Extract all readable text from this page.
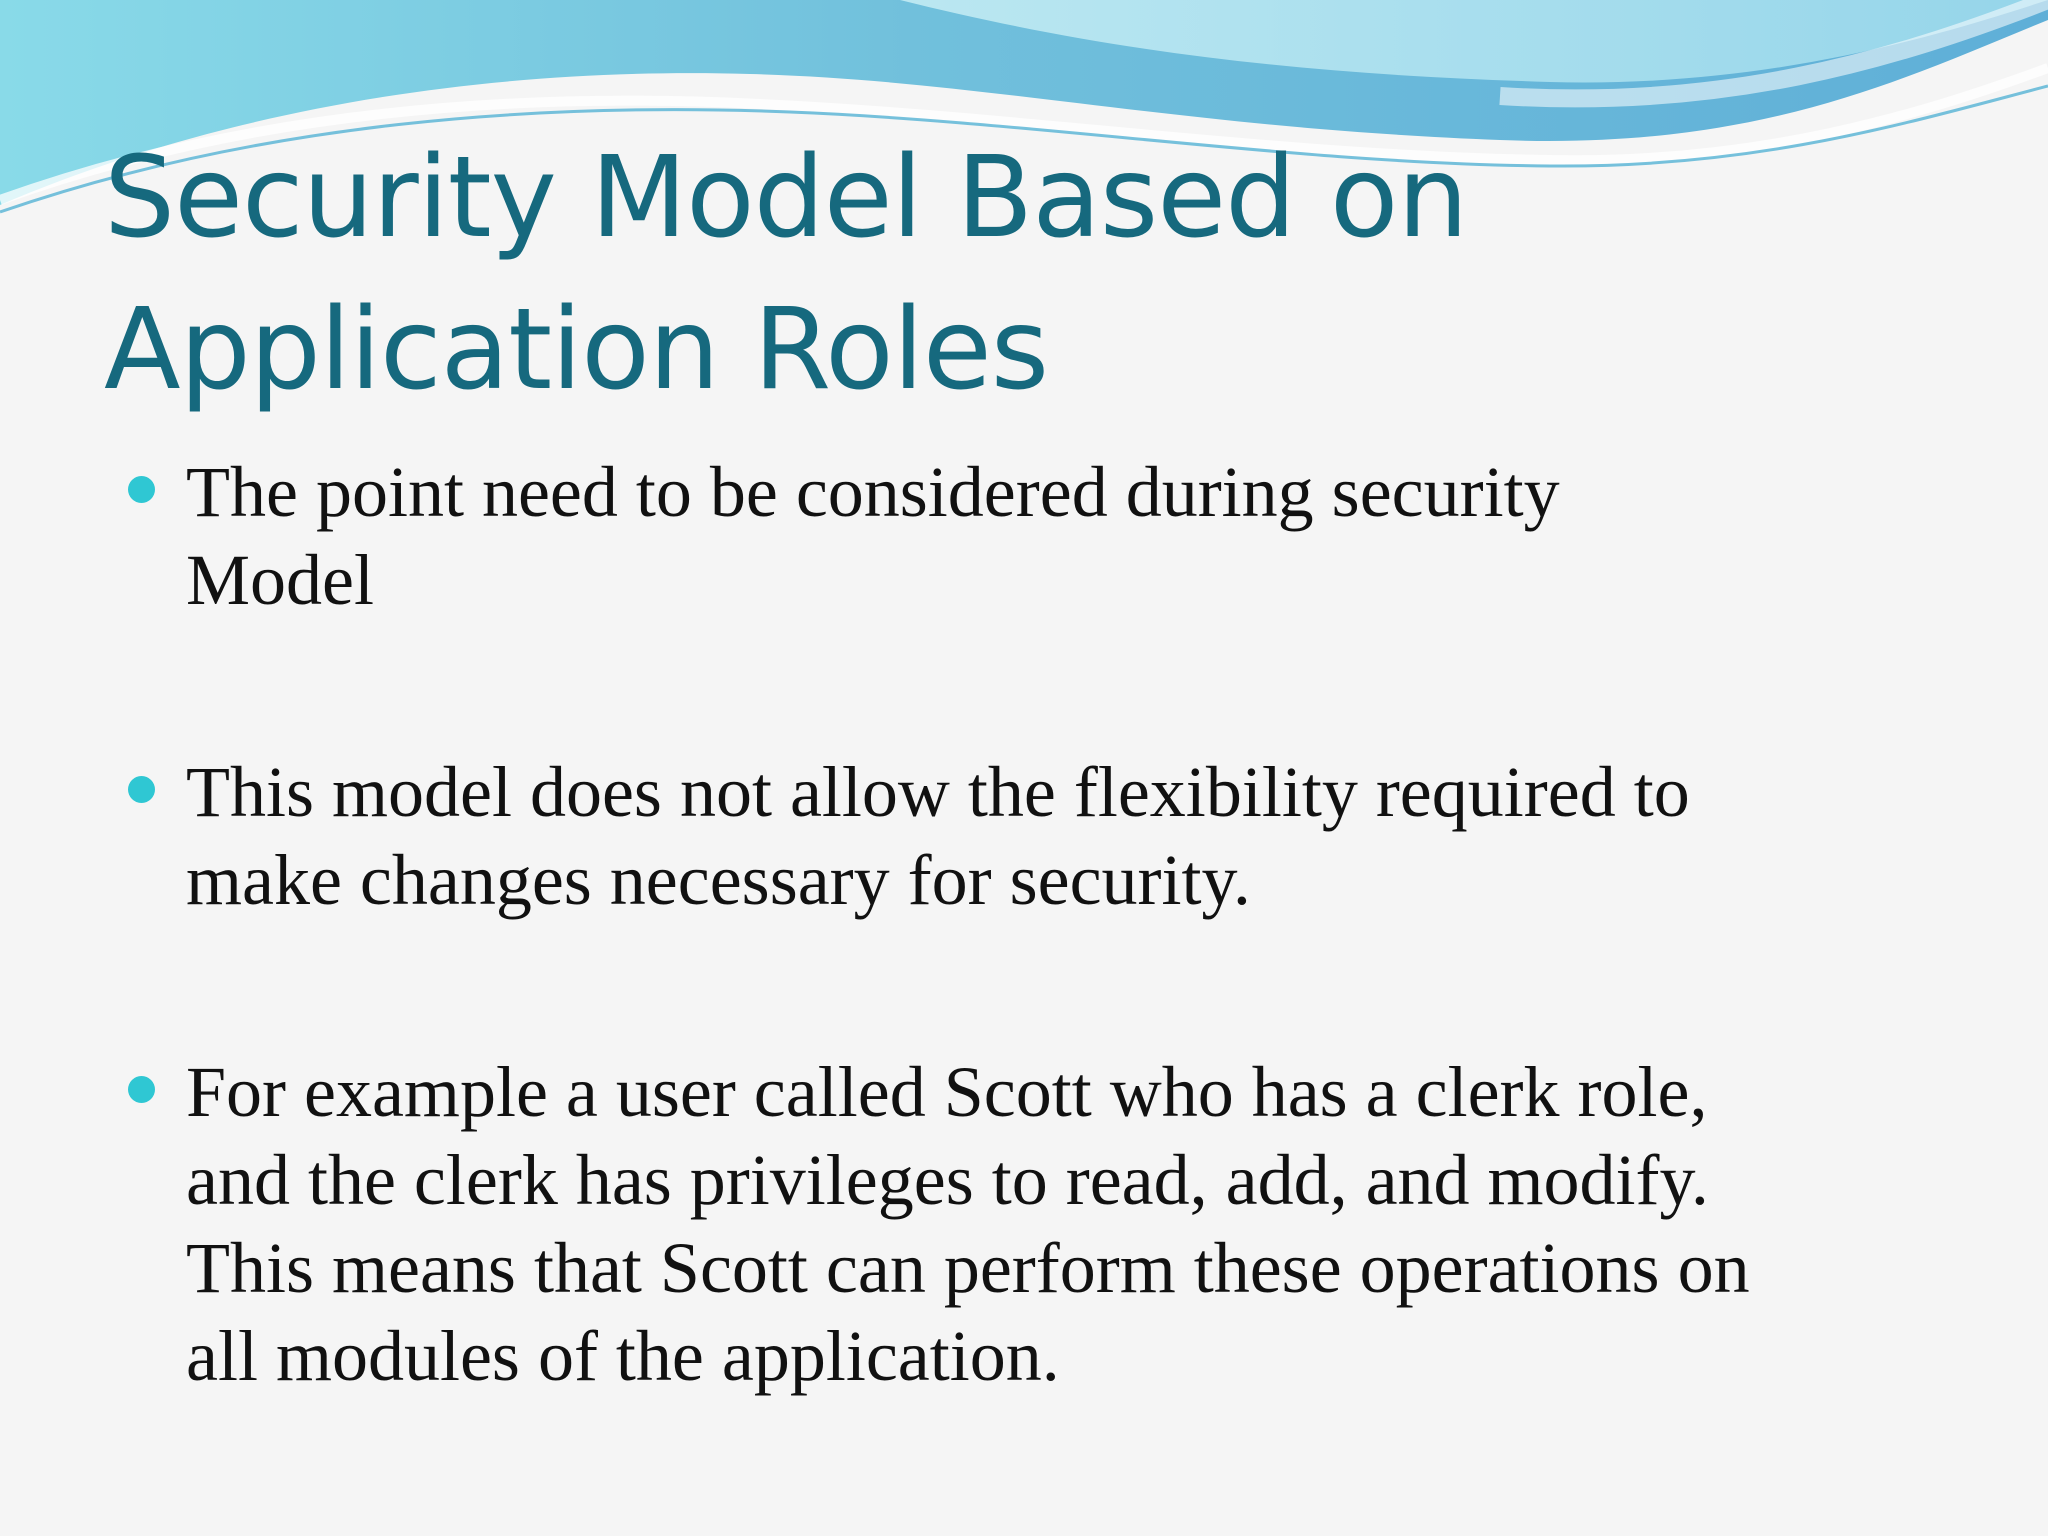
Security Model Based on
Application Roles
The point need to be considered during security
Model
This model does not allow the flexibility required to
make changes necessary for security.
For example a user called Scott who has a clerk role,
and the clerk has privileges to read, add, and modify.
This means that Scott can perform these operations on
all modules of the application.
